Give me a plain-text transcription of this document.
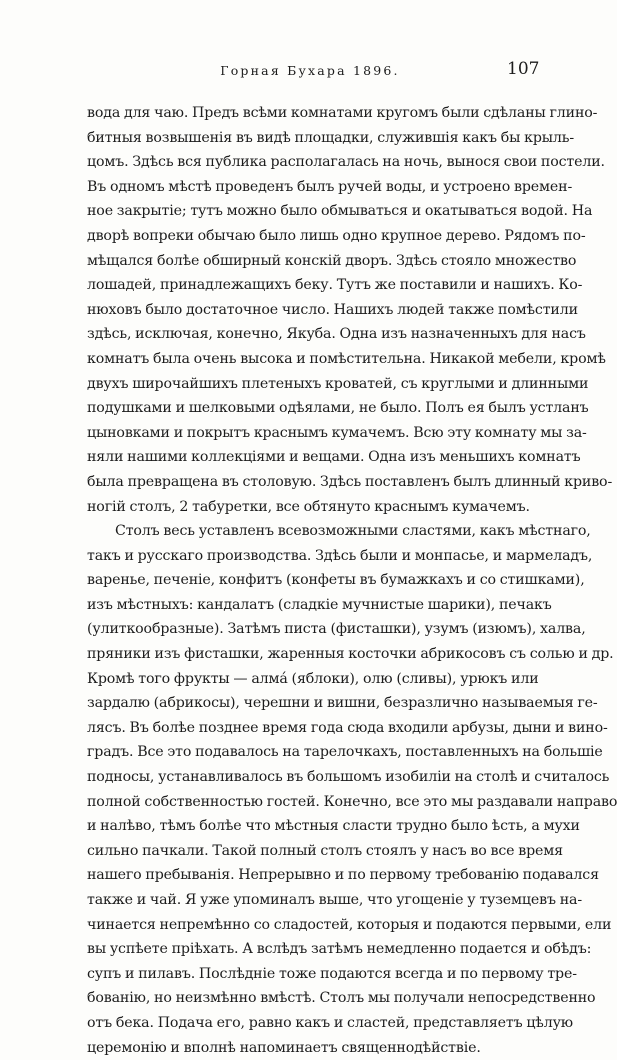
Горная Бухара 1896.	107
вода для чаю. Предъ всѣми комнатами кругомъ были сдѣланы глино-
битныя возвышенія въ видѣ площадки, служившія какъ бы крыль-
цомъ. Здѣсь вся публика располагалась на ночь, вынося свои постели.
Въ одномъ мѣстѣ проведенъ былъ ручей воды, и устроено времен-
ное закрытіе; тутъ можно было обмываться и окатываться водой. На
дворѣ вопреки обычаю было лишь одно крупное дерево. Рядомъ по-
мѣщался болѣе обширный конскій дворъ. Здѣсь стояло множество
лошадей, принадлежащихъ беку. Тутъ же поставили и нашихъ. Ко-
нюховъ было достаточное число. Нашихъ людей также помѣстили
здѣсь, исключая, конечно, Якуба. Одна изъ назначенныхъ для насъ
комнатъ была очень высока и помѣстительна. Никакой мебели, кромѣ
двухъ широчайшихъ плетеныхъ кроватей, съ круглыми и длинными
подушками и шелковыми одѣялами, не было. Полъ ея былъ устланъ
цыновками и покрытъ краснымъ кумачемъ. Всю эту комнату мы за-
няли нашими коллекціями и вещами. Одна изъ меньшихъ комнатъ
была превращена въ столовую. Здѣсь поставленъ былъ длинный криво-
ногій столъ, 2 табуретки, все обтянуто краснымъ кумачемъ.
Столъ весь уставленъ всевозможными сластями, какъ мѣстнаго,
такъ и русскаго производства. Здѣсь были и монпасье, и мармеладъ,
варенье, печеніе, конфитъ (конфеты въ бумажкахъ и со стишками),
изъ мѣстныхъ: кандалатъ (сладкіе мучнистые шарики), печакъ
(улиткообразные). Затѣмъ писта (фисташки), узумъ (изюмъ), халва,
пряники изъ фисташки, жаренныя косточки абрикосовъ съ солью и др.
Кромѣ того фрукты — алмá (яблоки), олю (сливы), урюкъ или
зардалю (абрикосы), черешни и вишни, безразлично называемыя ге-
лясъ. Въ болѣе позднее время года сюда входили арбузы, дыни и вино-
градъ. Все это подавалось на тарелочкахъ, поставленныхъ на большіе
подносы, устанавливалось въ большомъ изобиліи на столѣ и считалось
полной собственностью гостей. Конечно, все это мы раздавали направо
и налѣво, тѣмъ болѣе что мѣстныя сласти трудно было ѣсть, а мухи
сильно пачкали. Такой полный столъ стоялъ у насъ во все время
нашего пребыванія. Непрерывно и по первому требованію подавался
также и чай. Я уже упоминалъ выше, что угощеніе у туземцевъ на-
чинается непремѣнно со сладостей, которыя и подаются первыми, ели
вы успѣете пріѣхать. А вслѣдъ затѣмъ немедленно подается и обѣдъ:
супъ и пилавъ. Послѣдніе тоже подаются всегда и по первому тре-
бованію, но неизмѣнно вмѣстѣ. Столъ мы получали непосредственно
отъ бека. Подача его, равно какъ и сластей, представляетъ цѣлую
церемонію и вполнѣ напоминаетъ священнодѣйствіе.
